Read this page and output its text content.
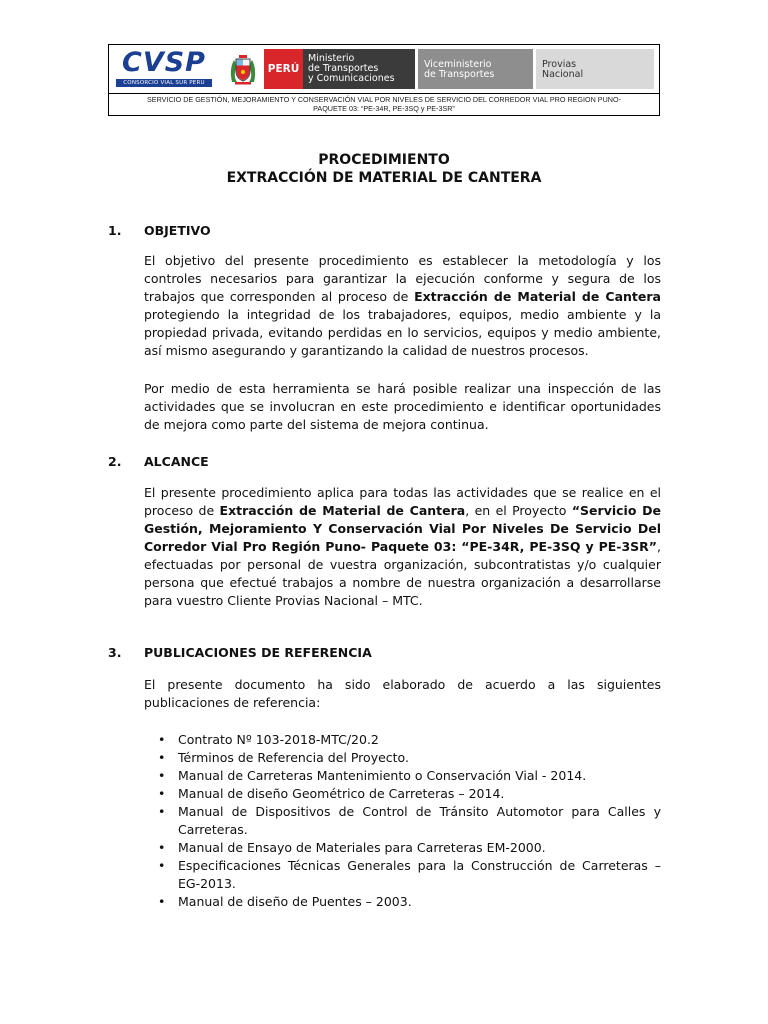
CVSP
CONSORCIO VIAL SUR PERU
PERÚ
Ministerio
de Transportes
y Comunicaciones
Viceministerio
de Transportes
Provias
Nacional
SERVICIO DE GESTIÓN, MEJORAMIENTO Y CONSERVACIÓN VIAL POR NIVELES DE SERVICIO DEL CORREDOR VIAL PRO REGION PUNO-
PAQUETE 03: “PE-34R, PE-3SQ y PE-3SR”
PROCEDIMIENTO
EXTRACCIÓN DE MATERIAL DE CANTERA
1. OBJETIVO

El objetivo del presente procedimiento es establecer la metodología y los controles necesarios para garantizar la ejecución conforme y segura de los trabajos que corresponden al proceso de Extracción de Material de Cantera protegiendo la integridad de los trabajadores, equipos, medio ambiente y la propiedad privada, evitando perdidas en lo servicios, equipos y medio ambiente, así mismo asegurando y garantizando la calidad de nuestros procesos.

Por medio de esta herramienta se hará posible realizar una inspección de las actividades que se involucran en este procedimiento e identificar oportunidades de mejora como parte del sistema de mejora continua.

2. ALCANCE

El presente procedimiento aplica para todas las actividades que se realice en el proceso de Extracción de Material de Cantera, en el Proyecto “Servicio De Gestión, Mejoramiento Y Conservación Vial Por Niveles De Servicio Del Corredor Vial Pro Región Puno- Paquete 03: “PE-34R, PE-3SQ y PE-3SR”, efectuadas por personal de vuestra organización, subcontratistas y/o cualquier persona que efectué trabajos a nombre de nuestra organización a desarrollarse para vuestro Cliente Provias Nacional – MTC.

3. PUBLICACIONES DE REFERENCIA

El presente documento ha sido elaborado de acuerdo a las siguientes publicaciones de referencia:

• Contrato Nº 103-2018-MTC/20.2
• Términos de Referencia del Proyecto.
• Manual de Carreteras Mantenimiento o Conservación Vial - 2014.
• Manual de diseño Geométrico de Carreteras – 2014.
• Manual de Dispositivos de Control de Tránsito Automotor para Calles y Carreteras.
• Manual de Ensayo de Materiales para Carreteras EM-2000.
• Especificaciones Técnicas Generales para la Construcción de Carreteras – EG-2013.
• Manual de diseño de Puentes – 2003.
